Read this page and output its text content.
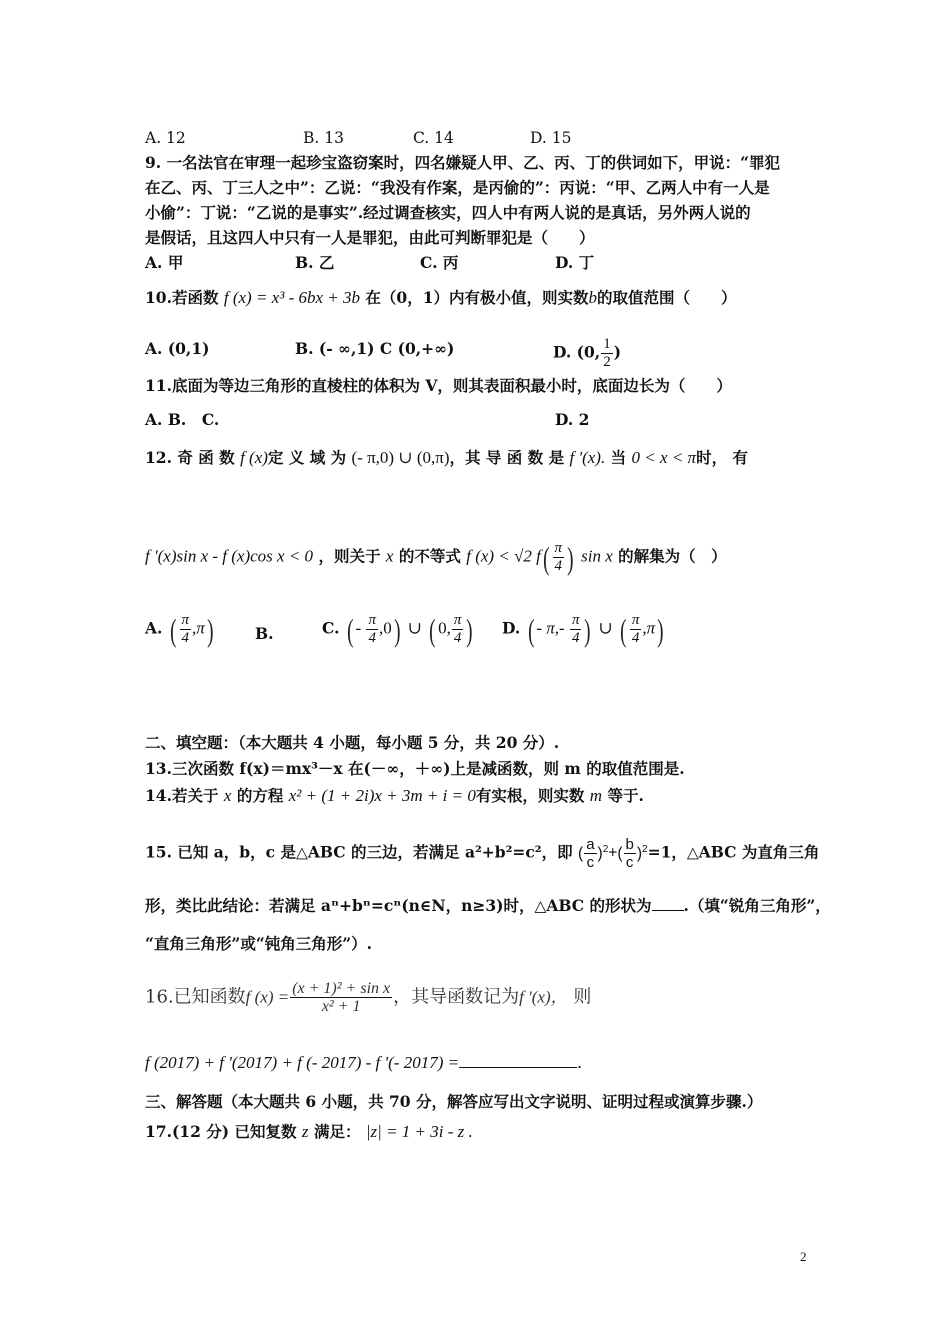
A. 12	B. 13	C. 14	D. 15
9. 一名法官在审理一起珍宝盗窃案时，四名嫌疑人甲、乙、丙、丁的供词如下，甲说：“罪犯
在乙、丙、丁三人之中”：乙说：“我没有作案，是丙偷的”：丙说：“甲、乙两人中有一人是
小偷”：丁说：“乙说的是事实”.经过调查核实，四人中有两人说的是真话，另外两人说的
是假话，且这四人中只有一人是罪犯，由此可判断罪犯是（　　）
A. 甲	B. 乙	C. 丙	D. 丁
10.若函数 f (x) = x³ - 6bx + 3b 在（0，1）内有极小值，则实数b的取值范围（　　）
A. (0,1)	B. (- ∞,1) C (0,+∞)	D. (0, $\frac{1}{2}$ )
11.底面为等边三角形的直棱柱的体积为 V，则其表面积最小时，底面边长为（　　）
A. B.　C.	D. 2
12. 奇 函 数 f (x)定 义 域 为 (- π,0) ∪ (0,π)，其 导 函 数 是 f '(x). 当 0 < x < π时， 有
f '(x)sin x - f (x)cos x < 0 ，则关于 x 的不等式 f (x) < √2 $f( \frac{\pi}{4}$ ) sin x 的解集为（　）
A. ( $\frac{\pi}{4} ,\pi$)	B.	C. ( - $\frac{\pi}{4} ,0$) ∪ ( 0, $\frac{\pi}{4}$ ) D. ( - $\pi,- \frac{\pi}{4}$ ) ∪ ( $\frac{\pi}{4} ,\pi$)
二、填空题：（本大题共 4 小题，每小题 5 分，共 20 分）.
13.三次函数 f(x)＝mx³－x 在(－∞，＋∞)上是减函数，则 m 的取值范围是.
14.若关于 x 的方程 x² + (1 + 2i)x + 3m + i = 0有实根，则实数 m 等于.
15. 已知 a，b，c 是△ABC 的三边，若满足 a²+b²=c²，即 ( $\frac{a}{c} )^2+( \frac{b}{c} )^2=1$，△ABC 为直角三角
形，类比此结论：若满足 aⁿ+bⁿ=cⁿ(n∈N，n≥3)时，△ABC 的形状为 .（填“锐角三角形”，
“直角三角形”或“钝角三角形”）.
16.已知函数f $(x) = \frac{\text{(x + 1)² + sin x}}{\text{x² + 1}}$ ，其导函数记为f '(x)， 则
f (2017) + f '(2017) + f (- 2017) - f '(- 2017) =	.
三、解答题（本大题共 6 小题，共 70 分，解答应写出文字说明、证明过程或演算步骤.）
17.(12 分) 已知复数 z 满足： |z| = 1 + 3i - z .
2
